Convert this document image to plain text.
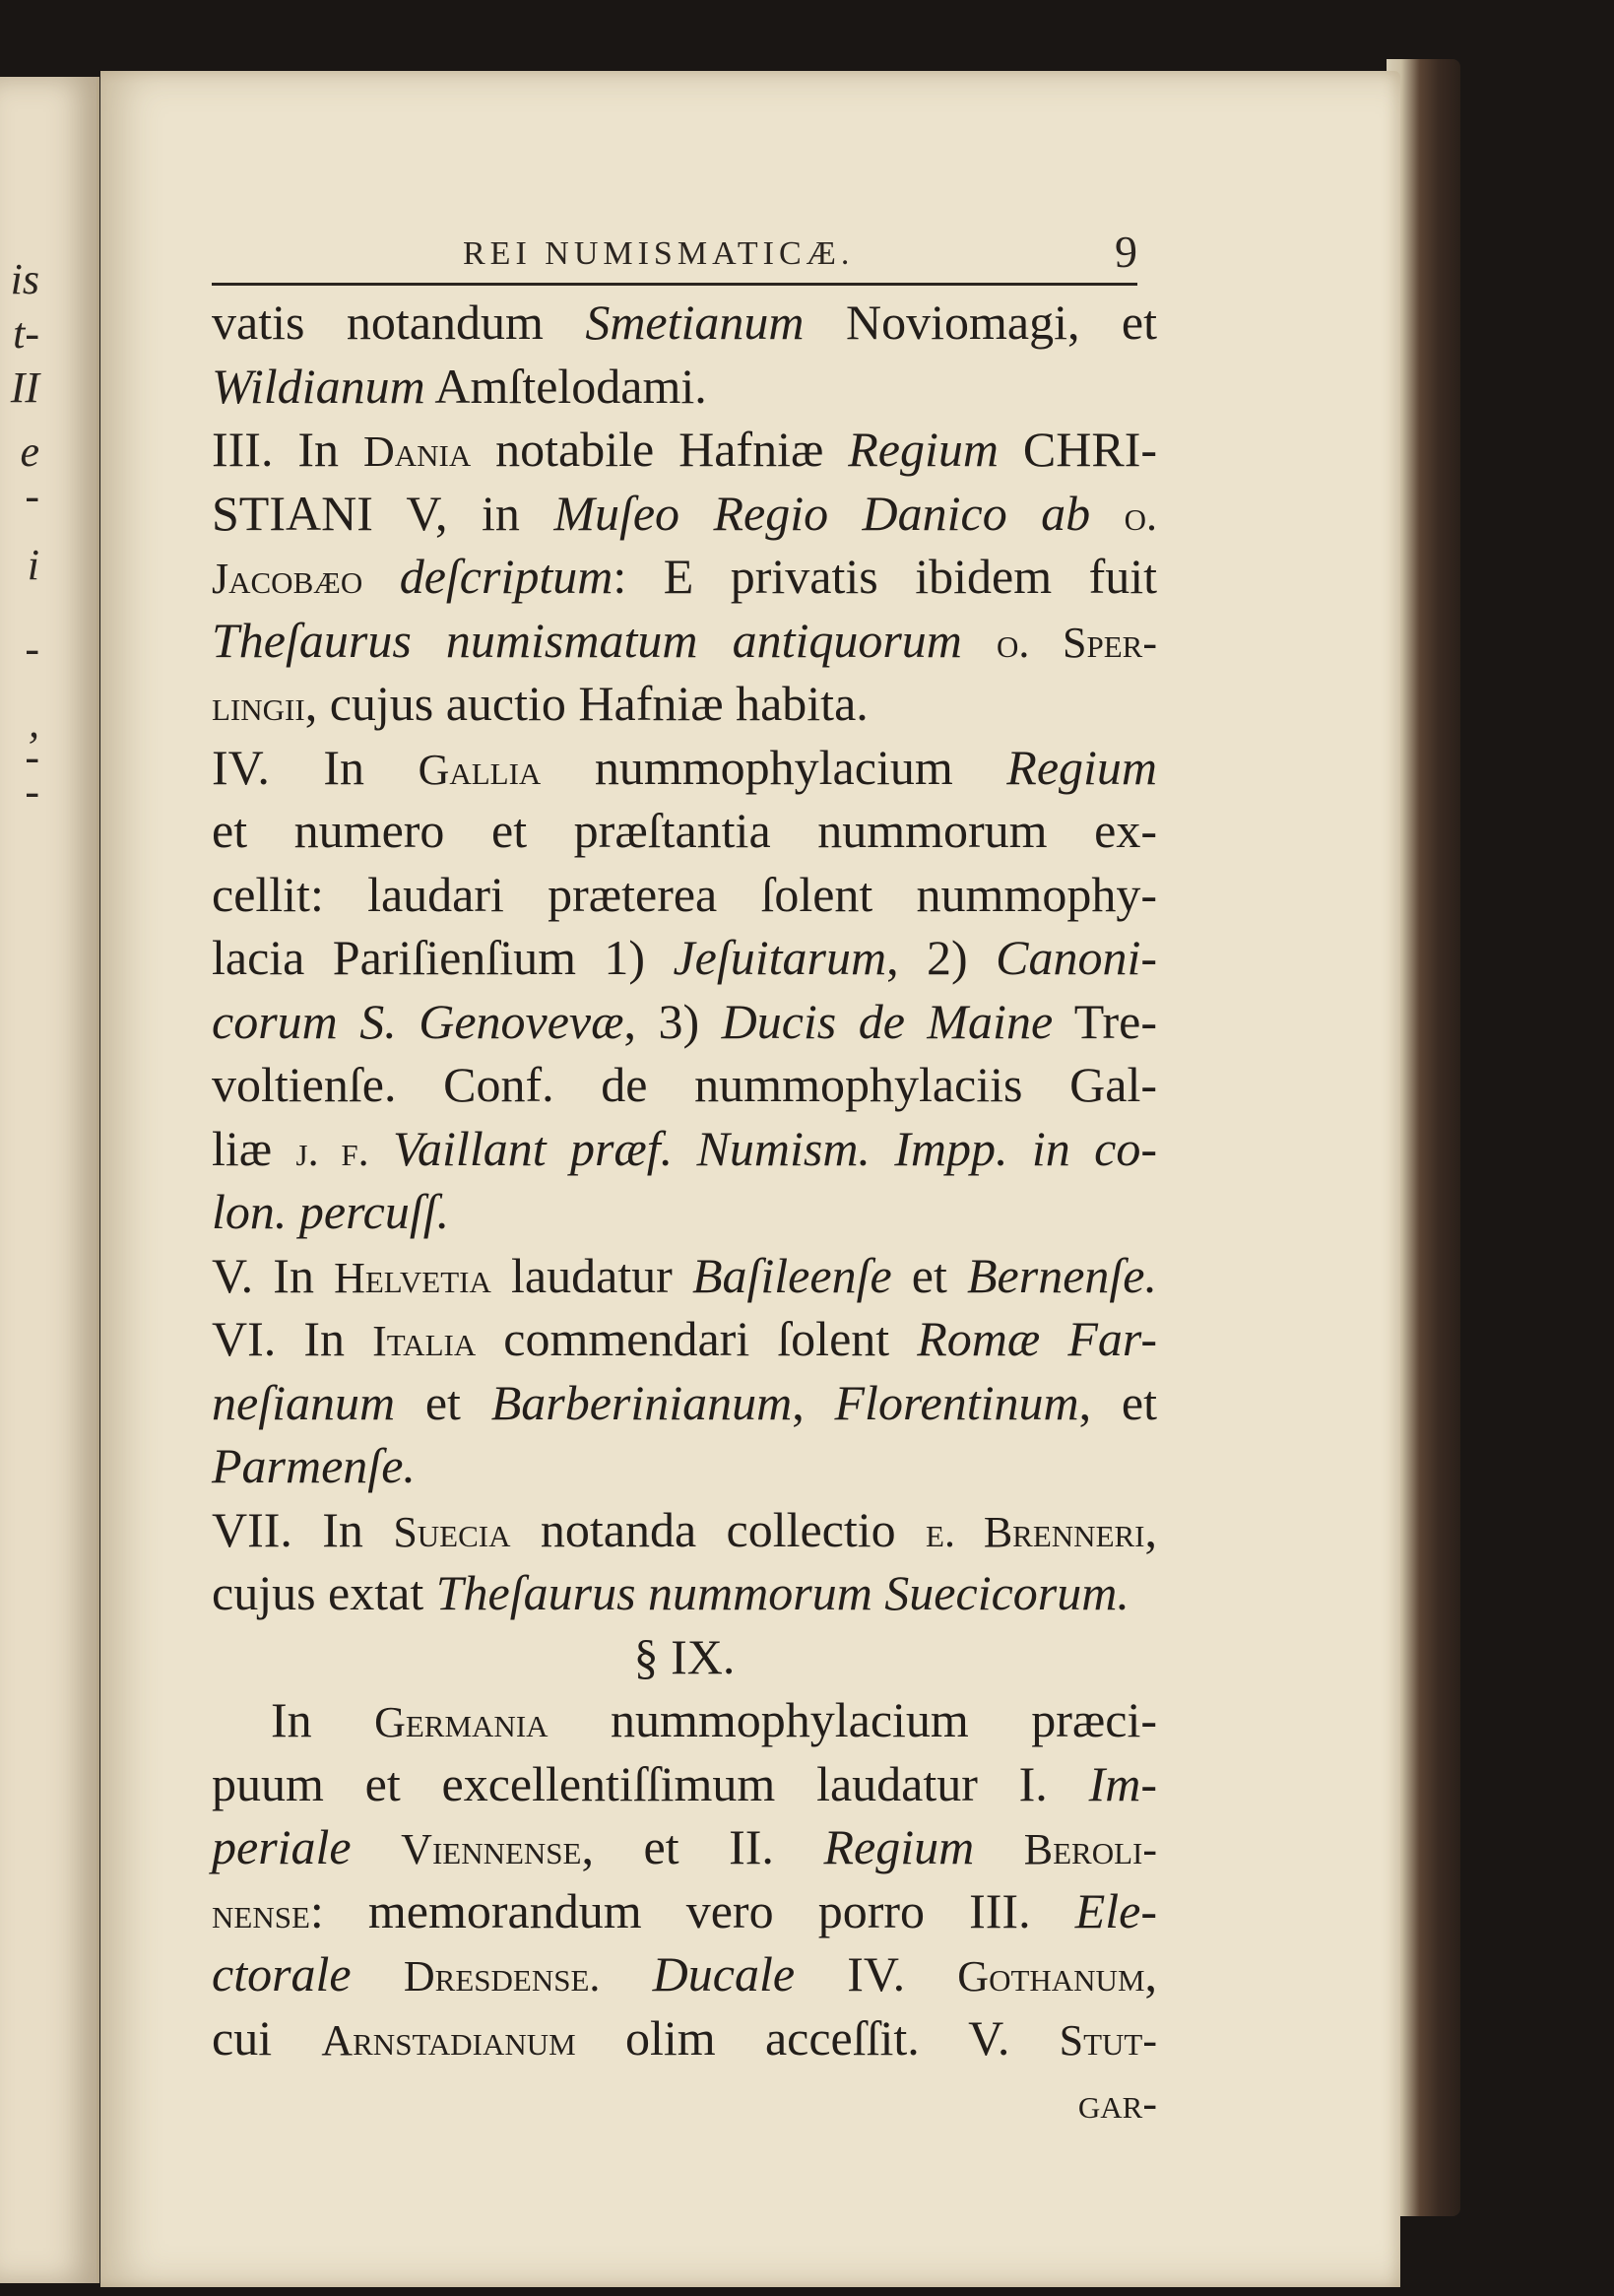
is
t-
II
e
-
i
-
,
-
-
REI NUMISMATICÆ.	9
vatis notandum Smetianum Noviomagi, et
Wildianum Amſtelodami.
III. In Dania notabile Hafniæ Regium CHRI-
STIANI V, in Muſeo Regio Danico ab o.
Jacobæo deſcriptum: E privatis ibidem fuit
Theſaurus numismatum antiquorum o. Sper-
lingii, cujus auctio Hafniæ habita.
IV. In Gallia nummophylacium Regium
et numero et præſtantia nummorum ex-
cellit: laudari præterea ſolent nummophy-
lacia Pariſienſium 1) Jeſuitarum, 2) Canoni-
corum S. Genovevæ, 3) Ducis de Maine Tre-
voltienſe. Conf. de nummophylaciis Gal-
liæ j. f. Vaillant præf. Numism. Impp. in co-
lon. percuſſ.
V. In Helvetia laudatur Baſileenſe et Bernenſe.
VI. In Italia commendari ſolent Romæ Far-
neſianum et Barberinianum, Florentinum, et
Parmenſe.
VII. In Suecia notanda collectio e. Brenneri,
cujus extat Theſaurus nummorum Suecicorum.
§ IX.
In Germania nummophylacium præci-
puum et excellentiſſimum laudatur I. Im-
periale Viennense, et II. Regium Beroli-
nense: memorandum vero porro III. Ele-
ctorale Dresdense. Ducale IV. Gothanum,
cui Arnstadianum olim acceſſit. V. Stut-
gar-
